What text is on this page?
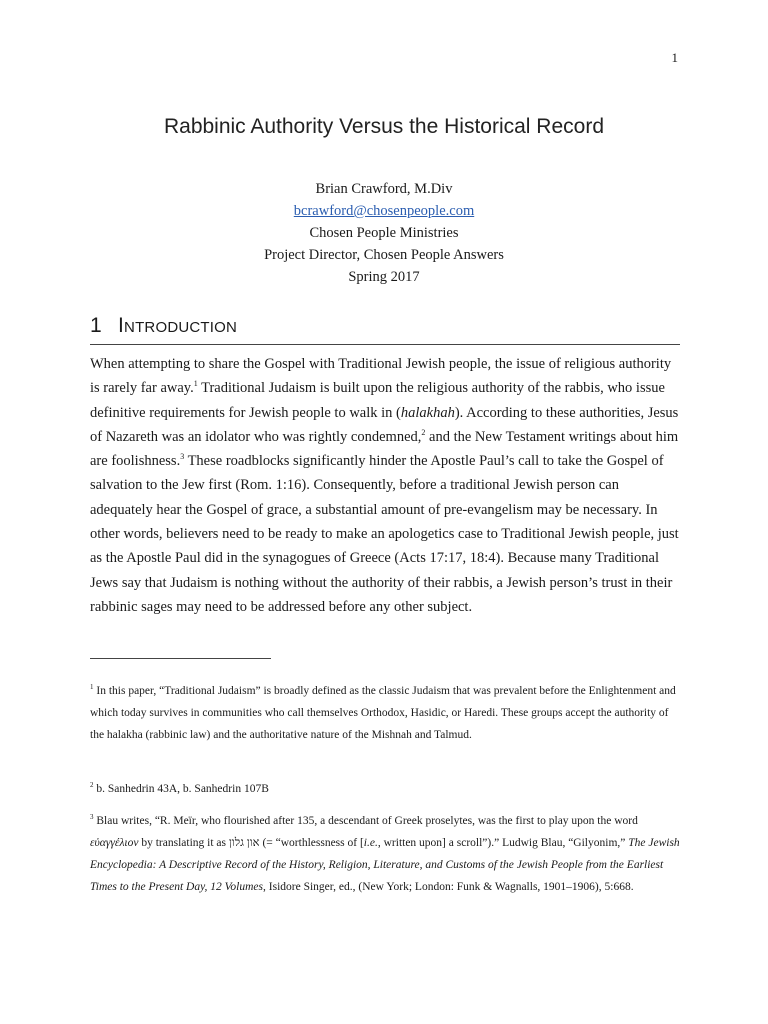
1
Rabbinic Authority Versus the Historical Record
Brian Crawford, M.Div
bcrawford@chosenpeople.com
Chosen People Ministries
Project Director, Chosen People Answers
Spring 2017
1 Introduction

When attempting to share the Gospel with Traditional Jewish people, the issue of religious authority is rarely far away.$^1$ Traditional Judaism is built upon the religious authority of the rabbis, who issue definitive requirements for Jewish people to walk in (halakhah). According to these authorities, Jesus of Nazareth was an idolator who was rightly condemned,$^2$ and the New Testament writings about him are foolishness.$^3$ These roadblocks significantly hinder the Apostle Paul’s call to take the Gospel of salvation to the Jew first (Rom. 1:16). Consequently, before a traditional Jewish person can adequately hear the Gospel of grace, a substantial amount of pre-evangelism may be necessary. In other words, believers need to be ready to make an apologetics case to Traditional Jewish people, just as the Apostle Paul did in the synagogues of Greece (Acts 17:17, 18:4). Because many Traditional Jews say that Judaism is nothing without the authority of their rabbis, a Jewish person’s trust in their rabbinic sages may need to be addressed before any other subject.

$^1$ In this paper, “Traditional Judaism” is broadly defined as the classic Judaism that was prevalent before the Enlightenment and which today survives in communities who call themselves Orthodox, Hasidic, or Haredi. These groups accept the authority of the halakha (rabbinic law) and the authoritative nature of the Mishnah and Talmud.

$^2$ b. Sanhedrin 43A, b. Sanhedrin 107B

$^3$ Blau writes, “R. Meïr, who flourished after 135, a descendant of Greek proselytes, was the first to play upon the word εὐαγγέλιον by translating it as און גלון (= “worthlessness of [i.e., written upon] a scroll”).” Ludwig Blau, “Gilyonim,” The Jewish Encyclopedia: A Descriptive Record of the History, Religion, Literature, and Customs of the Jewish People from the Earliest Times to the Present Day, 12 Volumes, Isidore Singer, ed., (New York; London: Funk & Wagnalls, 1901–1906), 5:668.
